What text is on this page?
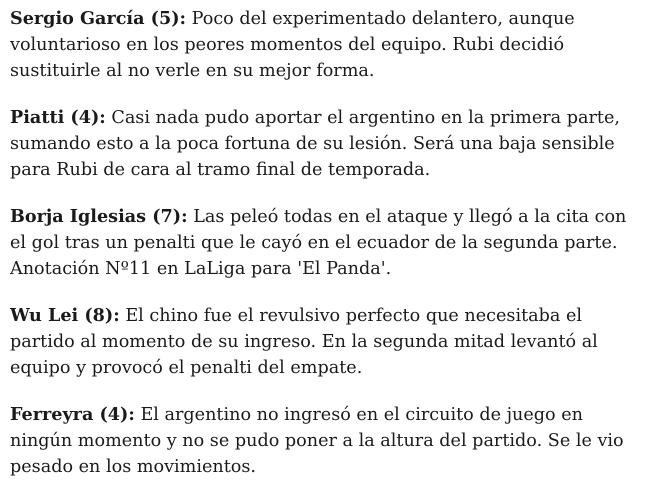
Sergio García (5): Poco del experimentado delantero, aunque voluntarioso en los peores momentos del equipo. Rubi decidió sustituirle al no verle en su mejor forma.

Piatti (4): Casi nada pudo aportar el argentino en la primera parte, sumando esto a la poca fortuna de su lesión. Será una baja sensible para Rubi de cara al tramo final de temporada.

Borja Iglesias (7): Las peleó todas en el ataque y llegó a la cita con el gol tras un penalti que le cayó en el ecuador de la segunda parte. Anotación Nº11 en LaLiga para 'El Panda'.

Wu Lei (8): El chino fue el revulsivo perfecto que necesitaba el partido al momento de su ingreso. En la segunda mitad levantó al equipo y provocó el penalti del empate.

Ferreyra (4): El argentino no ingresó en el circuito de juego en ningún momento y no se pudo poner a la altura del partido. Se le vio pesado en los movimientos.
